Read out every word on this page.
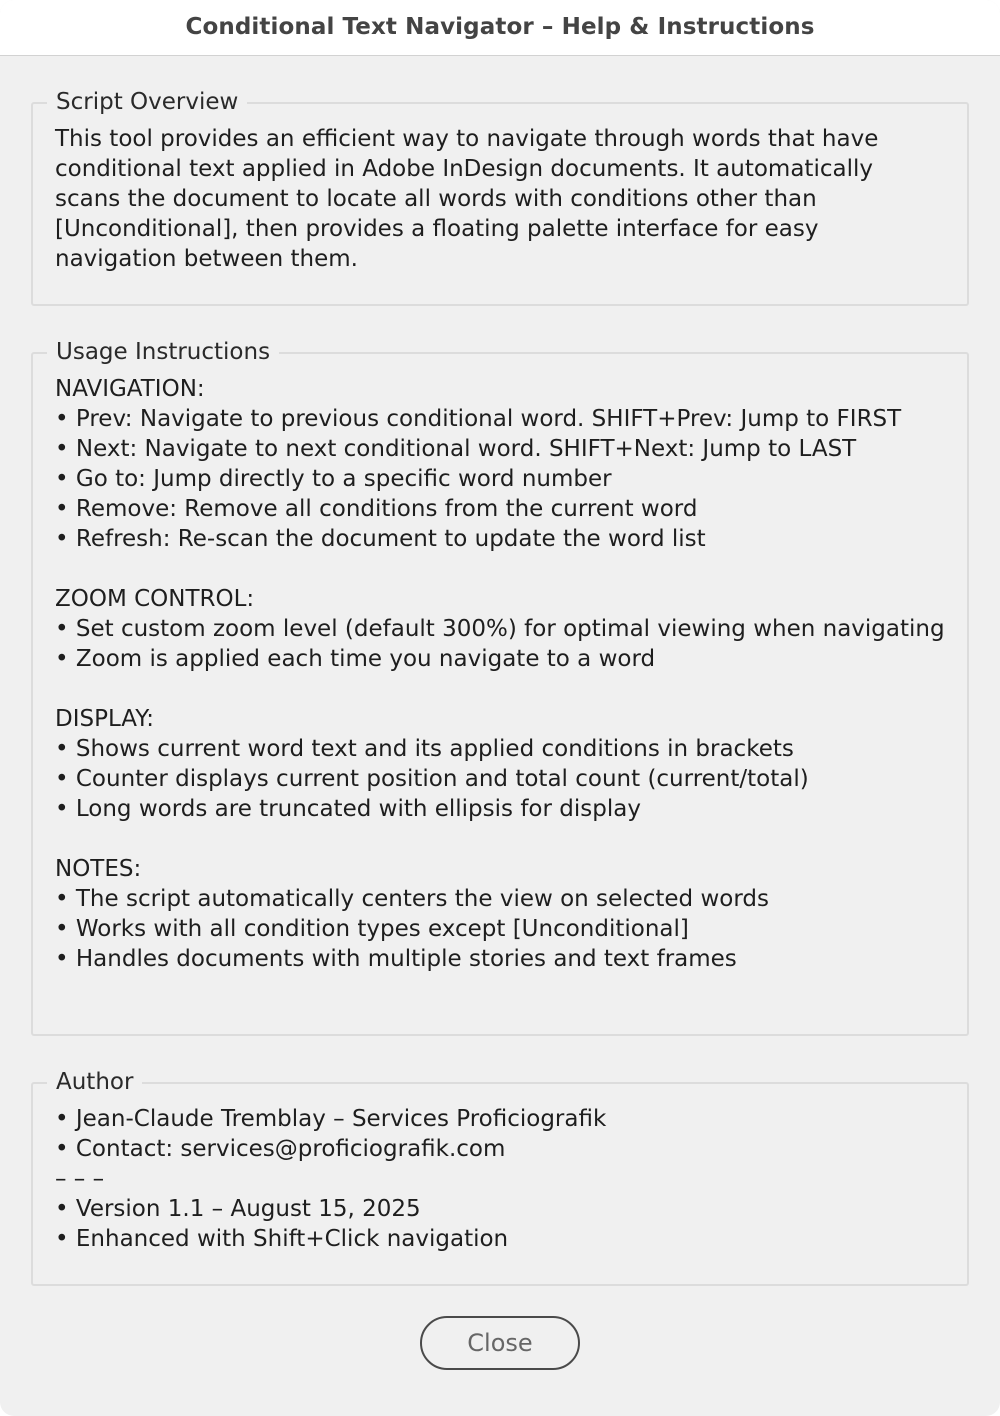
Conditional Text Navigator – Help & Instructions
Script Overview

This tool provides an efficient way to navigate through words that have
conditional text applied in Adobe InDesign documents. It automatically
scans the document to locate all words with conditions other than
[Unconditional], then provides a floating palette interface for easy
navigation between them.

Usage Instructions

NAVIGATION:
• Prev: Navigate to previous conditional word. SHIFT+Prev: Jump to FIRST
• Next: Navigate to next conditional word. SHIFT+Next: Jump to LAST
• Go to: Jump directly to a specific word number
• Remove: Remove all conditions from the current word
• Refresh: Re-scan the document to update the word list

ZOOM CONTROL:
• Set custom zoom level (default 300%) for optimal viewing when navigating
• Zoom is applied each time you navigate to a word

DISPLAY:
• Shows current word text and its applied conditions in brackets
• Counter displays current position and total count (current/total)
• Long words are truncated with ellipsis for display

NOTES:
• The script automatically centers the view on selected words
• Works with all condition types except [Unconditional]
• Handles documents with multiple stories and text frames

Author

• Jean-Claude Tremblay – Services Proficiografik
• Contact: services@proficiografik.com
– – –
• Version 1.1 – August 15, 2025
• Enhanced with Shift+Click navigation

Close
